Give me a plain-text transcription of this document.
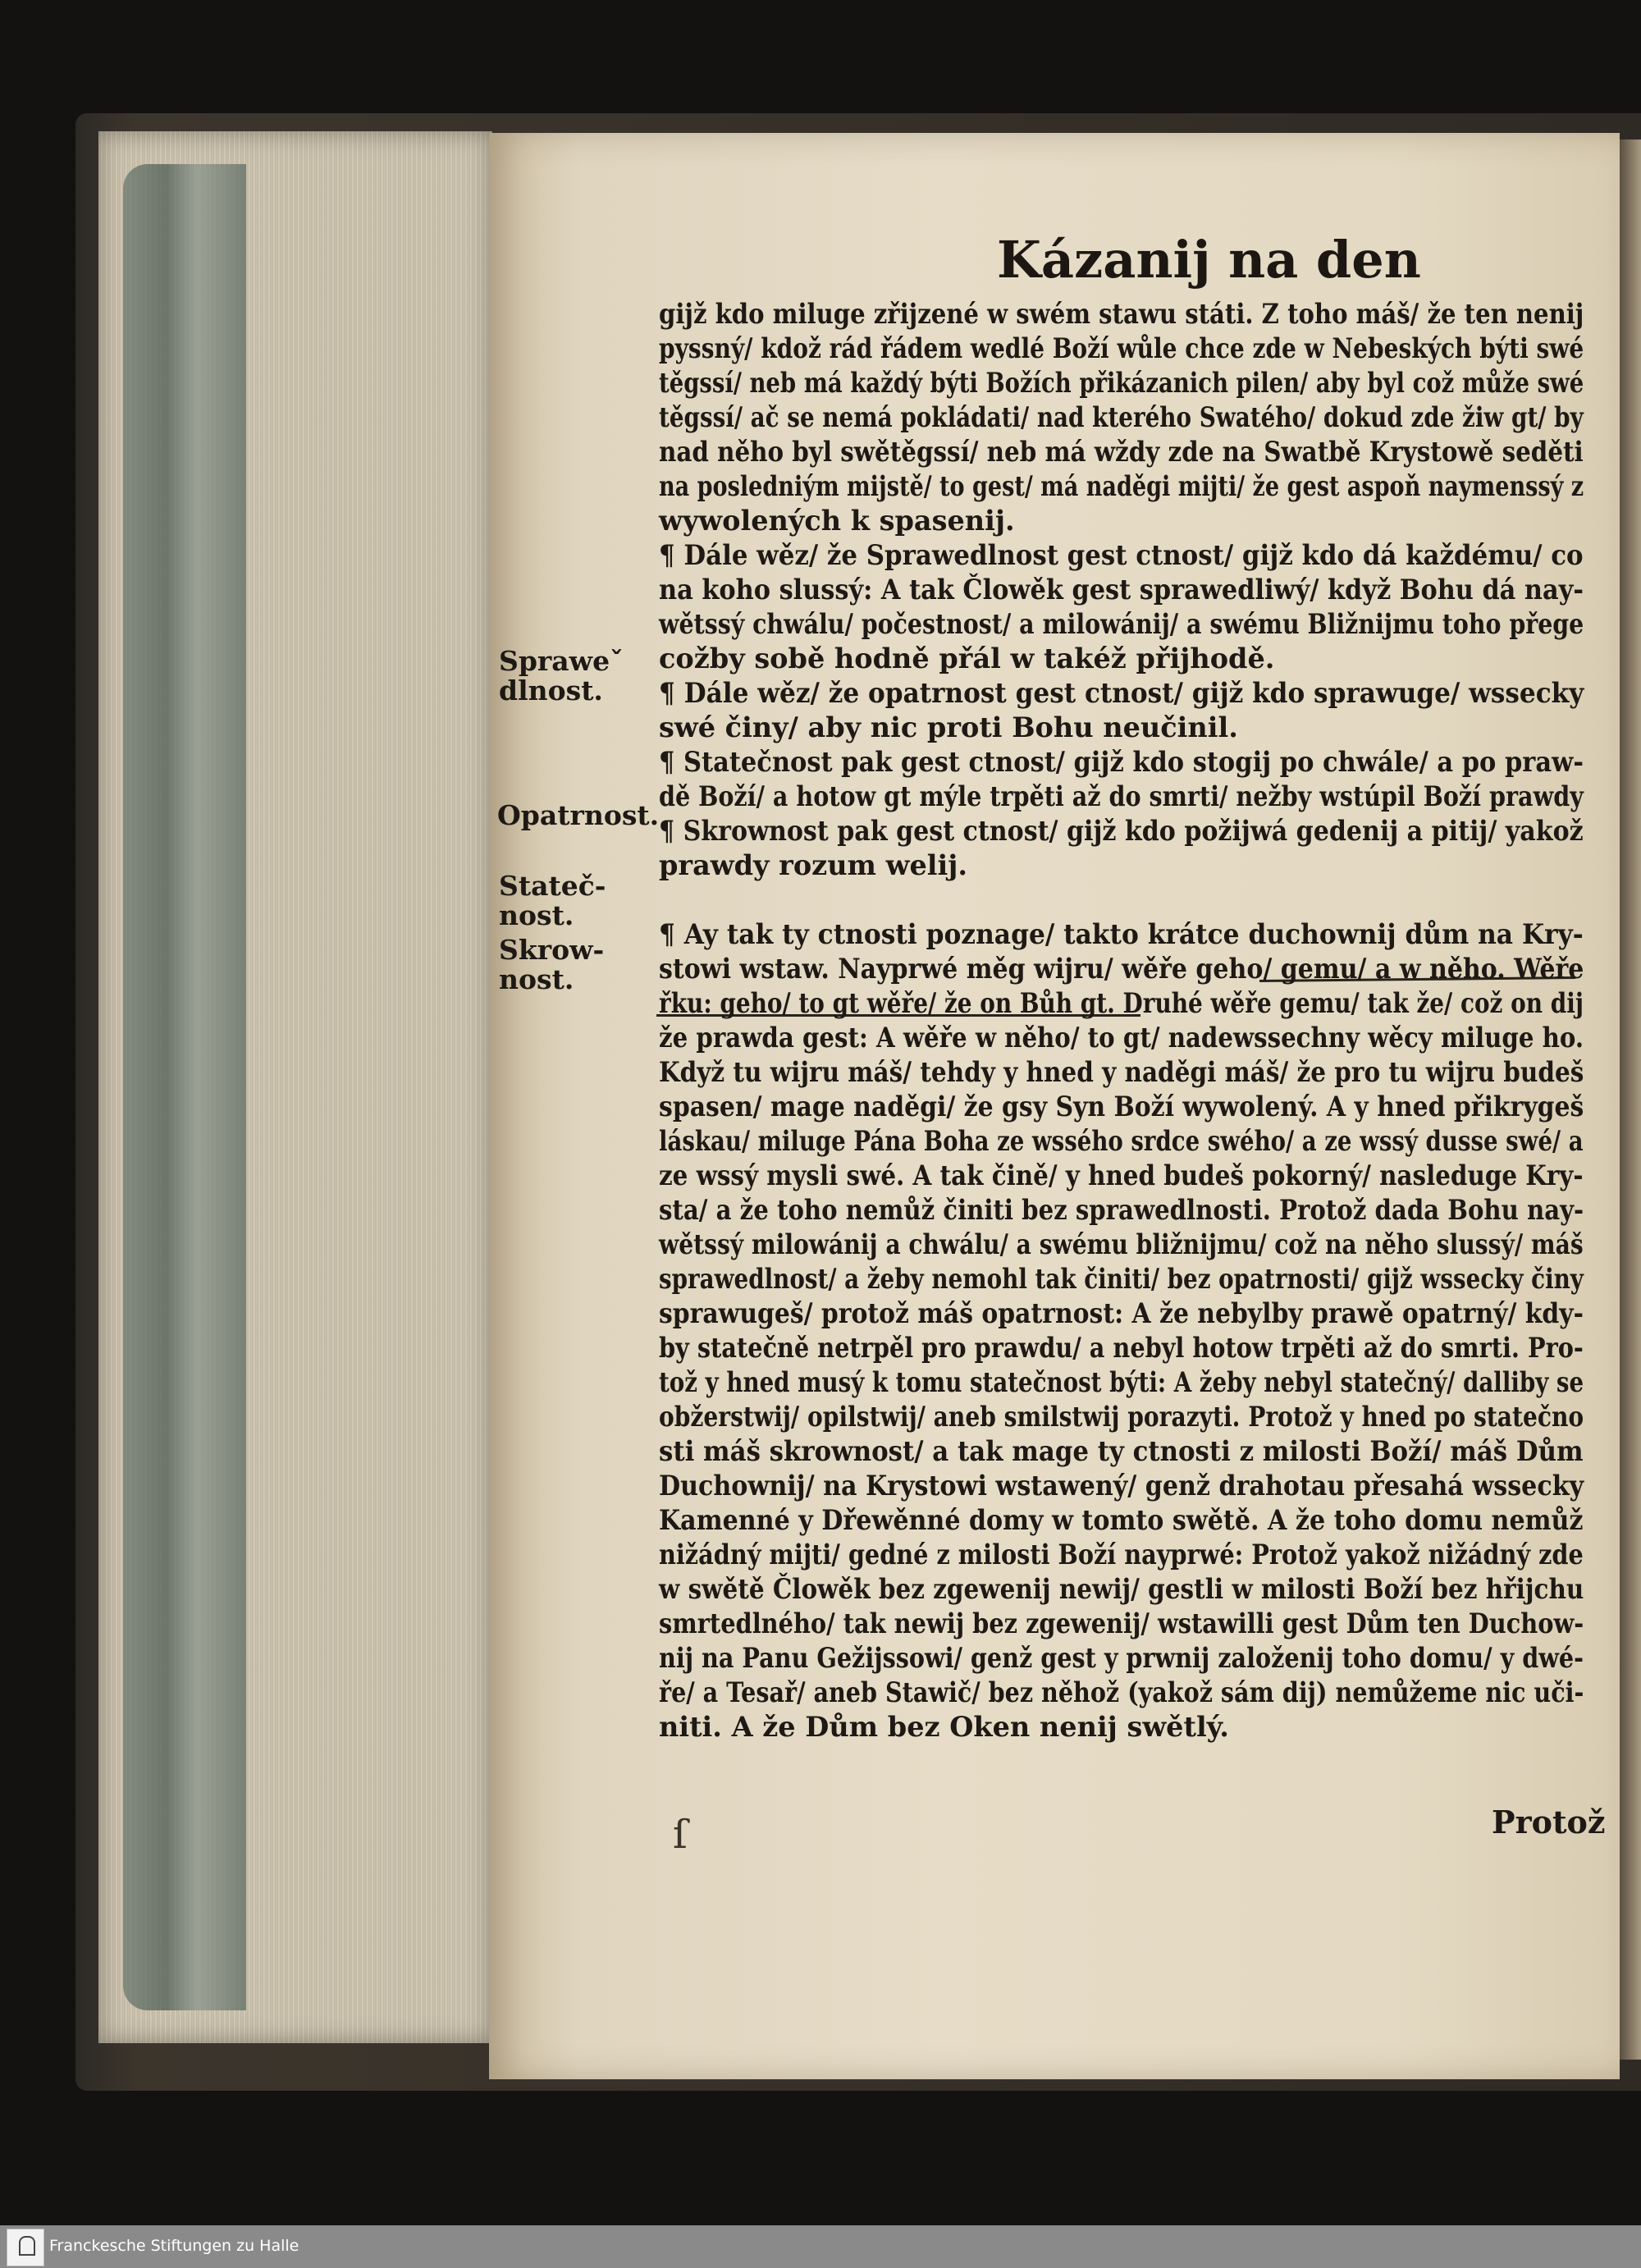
Kázanij na den
gijž kdo miluge zřijzené w swém stawu státi. Z toho máš/ že ten nenij
pyssný/ kdož rád řádem wedlé Boží wůle chce zde w Nebeských býti swé
těgssí/ neb má každý býti Božích přikázanich pilen/ aby byl což může swé
těgssí/ ač se nemá pokládati/ nad kterého Swatého/ dokud zde žiw gt/ by
nad něho byl swětěgssí/ neb má wždy zde na Swatbě Krystowě seděti
na posledniým mijstě/ to gest/ má naděgi mijti/ že gest aspoň naymenssý z
wywolených k spasenij.
¶ Dále wěz/ že Sprawedlnost gest ctnost/ gijž kdo dá každému/ co
na koho slussý: A tak Člowěk gest sprawedliwý/ když Bohu dá nay-
wětssý chwálu/ počestnost/ a milowánij/ a swému Bližnijmu toho přege
cožby sobě hodně přál w takéž přijhodě.
¶ Dále wěz/ že opatrnost gest ctnost/ gijž kdo sprawuge/ wssecky
swé činy/ aby nic proti Bohu neučinil.
¶ Statečnost pak gest ctnost/ gijž kdo stogij po chwále/ a po praw-
dě Boží/ a hotow gt mýle trpěti až do smrti/ nežby wstúpil Boží prawdy
¶ Skrownost pak gest ctnost/ gijž kdo požijwá gedenij a pitij/ yakož
prawdy rozum welij.
¶ Ay tak ty ctnosti poznage/ takto krátce duchownij dům na Kry-
stowi wstaw. Nayprwé měg wijru/ wěře geho/ gemu/ a w něho. Wěře
řku: geho/ to gt wěře/ že on Bůh gt. Druhé wěře gemu/ tak že/ což on dij
že prawda gest: A wěře w něho/ to gt/ nadewssechny wěcy miluge ho.
Když tu wijru máš/ tehdy y hned y naděgi máš/ že pro tu wijru budeš
spasen/ mage naděgi/ že gsy Syn Boží wywolený. A y hned přikrygeš
láskau/ miluge Pána Boha ze wssého srdce swého/ a ze wssý dusse swé/ a
ze wssý mysli swé. A tak čině/ y hned budeš pokorný/ nasleduge Kry-
sta/ a že toho nemůž činiti bez sprawedlnosti. Protož dada Bohu nay-
wětssý milowánij a chwálu/ a swému bližnijmu/ což na něho slussý/ máš
sprawedlnost/ a žeby nemohl tak činiti/ bez opatrnosti/ gijž wssecky činy
sprawugeš/ protož máš opatrnost: A že nebylby prawě opatrný/ kdy-
by statečně netrpěl pro prawdu/ a nebyl hotow trpěti až do smrti. Pro-
tož y hned musý k tomu statečnost býti: A žeby nebyl statečný/ dalliby se
obžerstwij/ opilstwij/ aneb smilstwij porazyti. Protož y hned po statečno
sti máš skrownost/ a tak mage ty ctnosti z milosti Boží/ máš Dům
Duchownij/ na Krystowi wstawený/ genž drahotau přesahá wssecky
Kamenné y Dřewěnné domy w tomto swětě. A že toho domu nemůž
nižádný mijti/ gedné z milosti Boží nayprwé: Protož yakož nižádný zde
w swětě Člowěk bez zgewenij newij/ gestli w milosti Boží bez hřijchu
smrtedlného/ tak newij bez zgewenij/ wstawilli gest Dům ten Duchow-
nij na Panu Gežijssowi/ genž gest y prwnij založenij toho domu/ y dwé-
ře/ a Tesař/ aneb Stawič/ bez něhož (yakož sám dij) nemůžeme nic uči-
niti. A že Dům bez Oken nenij swětlý.
Spraweˇ
dlnost.
Opatrnost.
Stateč-
nost.
Skrow-
nost.
ſ	Protož
Franckesche Stiftungen zu Halle
